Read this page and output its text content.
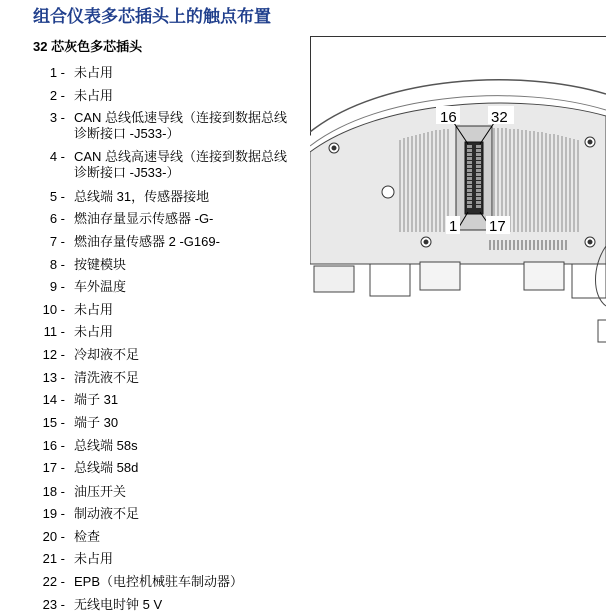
组合仪表多芯插头上的触点布置
32 芯灰色多芯插头
1 - 未占用
2 - 未占用
3 - CAN 总线低速导线（连接到数据总线诊断接口 -J533-）
4 - CAN 总线高速导线（连接到数据总线诊断接口 -J533-）
5 - 总线端 31，传感器接地
6 - 燃油存量显示传感器 -G-
7 - 燃油存量传感器 2 -G169-
8 - 按键模块
9 - 车外温度
10 - 未占用
11 - 未占用
12 - 冷却液不足
13 - 清洗液不足
14 - 端子 31
15 - 端子 30
16 - 总线端 58s
17 - 总线端 58d
18 - 油压开关
19 - 制动液不足
20 - 检查
21 - 未占用
22 - EPB（电控机械驻车制动器）
23 - 无线电时钟 5 V
16 32
1 17
